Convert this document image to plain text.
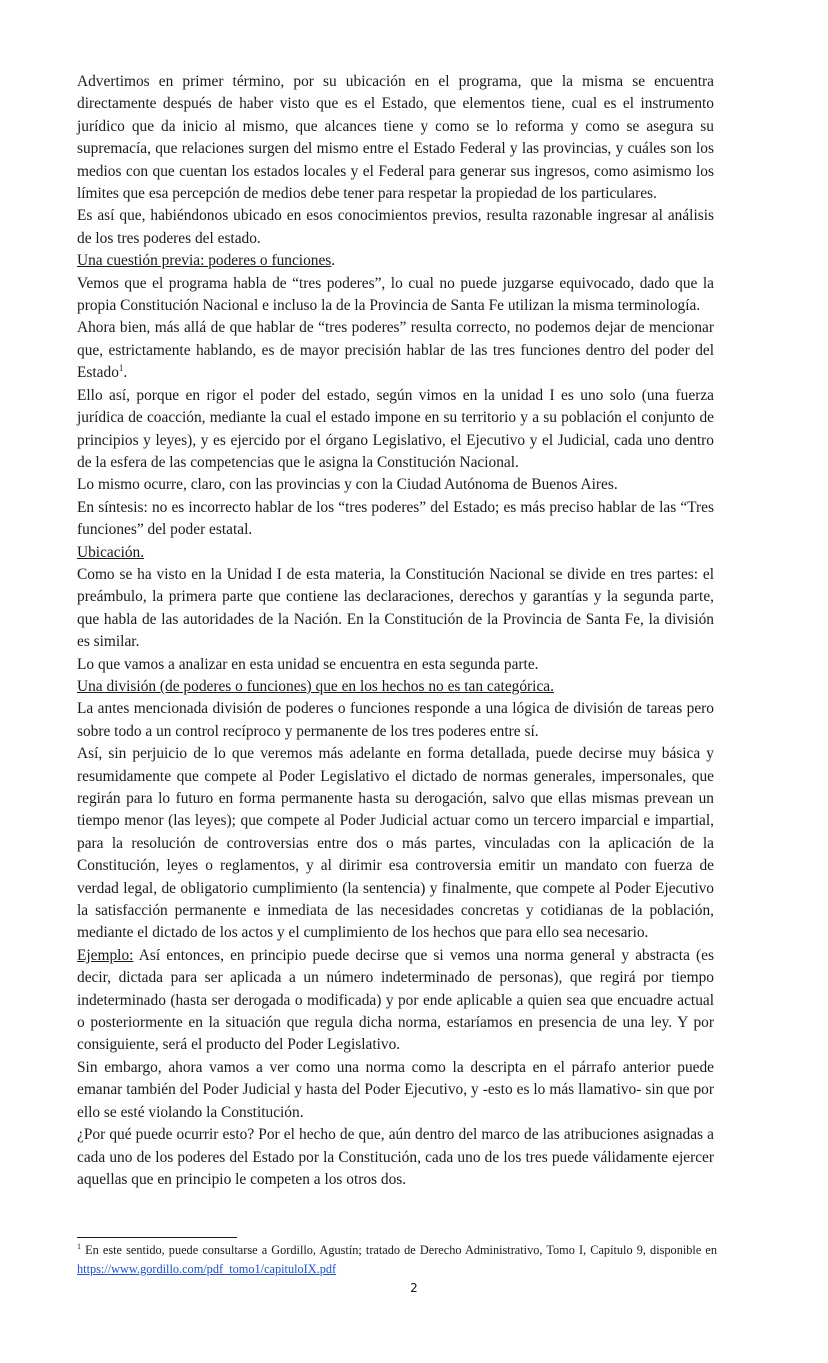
Advertimos en primer término, por su ubicación en el programa, que la misma se encuentra directamente después de haber visto que es el Estado, que elementos tiene, cual es el instrumento jurídico que da inicio al mismo, que alcances tiene y como se lo reforma y como se asegura su supremacía, que relaciones surgen del mismo entre el Estado Federal y las provincias, y cuáles son los medios con que cuentan los estados locales y el Federal para generar sus ingresos, como asimismo los límites que esa percepción de medios debe tener para respetar la propiedad de los particulares.

Es así que, habiéndonos ubicado en esos conocimientos previos, resulta razonable ingresar al análisis de los tres poderes del estado.

Una cuestión previa: poderes o funciones.

Vemos que el programa habla de “tres poderes”, lo cual no puede juzgarse equivocado, dado que la propia Constitución Nacional e incluso la de la Provincia de Santa Fe utilizan la misma terminología.

Ahora bien, más allá de que hablar de “tres poderes” resulta correcto, no podemos dejar de mencionar que, estrictamente hablando, es de mayor precisión hablar de las tres funciones dentro del poder del Estado$^1$.

Ello así, porque en rigor el poder del estado, según vimos en la unidad I es uno solo (una fuerza jurídica de coacción, mediante la cual el estado impone en su territorio y a su población el conjunto de principios y leyes), y es ejercido por el órgano Legislativo, el Ejecutivo y el Judicial, cada uno dentro de la esfera de las competencias que le asigna la Constitución Nacional.

Lo mismo ocurre, claro, con las provincias y con la Ciudad Autónoma de Buenos Aires.

En síntesis: no es incorrecto hablar de los “tres poderes” del Estado; es más preciso hablar de las “Tres funciones” del poder estatal.

Ubicación.

Como se ha visto en la Unidad I de esta materia, la Constitución Nacional se divide en tres partes: el preámbulo, la primera parte que contiene las declaraciones, derechos y garantías y la segunda parte, que habla de las autoridades de la Nación. En la Constitución de la Provincia de Santa Fe, la división es similar.

Lo que vamos a analizar en esta unidad se encuentra en esta segunda parte.

Una división (de poderes o funciones) que en los hechos no es tan categórica.

La antes mencionada división de poderes o funciones responde a una lógica de división de tareas pero sobre todo a un control recíproco y permanente de los tres poderes entre sí.

Así, sin perjuicio de lo que veremos más adelante en forma detallada, puede decirse muy básica y resumidamente que compete al Poder Legislativo el dictado de normas generales, impersonales, que regirán para lo futuro en forma permanente hasta su derogación, salvo que ellas mismas prevean un tiempo menor (las leyes); que compete al Poder Judicial actuar como un tercero imparcial e impartial, para la resolución de controversias entre dos o más partes, vinculadas con la aplicación de la Constitución, leyes o reglamentos, y al dirimir esa controversia emitir un mandato con fuerza de verdad legal, de obligatorio cumplimiento (la sentencia) y finalmente, que compete al Poder Ejecutivo la satisfacción permanente e inmediata de las necesidades concretas y cotidianas de la población, mediante el dictado de los actos y el cumplimiento de los hechos que para ello sea necesario.

Ejemplo: Así entonces, en principio puede decirse que si vemos una norma general y abstracta (es decir, dictada para ser aplicada a un número indeterminado de personas), que regirá por tiempo indeterminado (hasta ser derogada o modificada) y por ende aplicable a quien sea que encuadre actual o posteriormente en la situación que regula dicha norma, estaríamos en presencia de una ley. Y por consiguiente, será el producto del Poder Legislativo.

Sin embargo, ahora vamos a ver como una norma como la descripta en el párrafo anterior puede emanar también del Poder Judicial y hasta del Poder Ejecutivo, y -esto es lo más llamativo- sin que por ello se esté violando la Constitución.

¿Por qué puede ocurrir esto? Por el hecho de que, aún dentro del marco de las atribuciones asignadas a cada uno de los poderes del Estado por la Constitución, cada uno de los tres puede válidamente ejercer aquellas que en principio le competen a los otros dos.

$^1$ En este sentido, puede consultarse a Gordillo, Agustín; tratado de Derecho Administrativo, Tomo I, Capítulo 9, disponible en https://www.gordillo.com/pdf_tomo1/capituloIX.pdf
2
